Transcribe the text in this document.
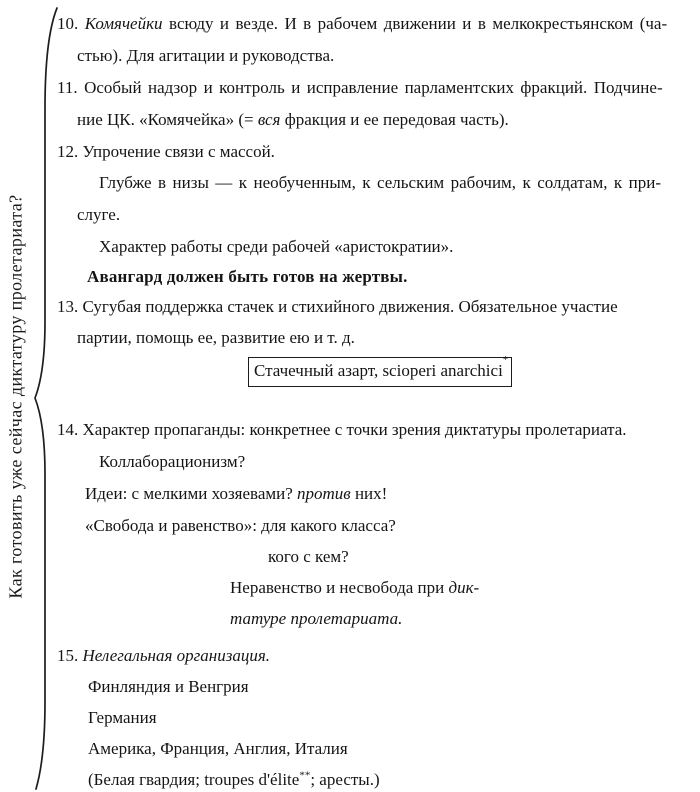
Как готовить уже сейчас диктатуру пролетариата?
10. Комячейки всюду и везде. И в рабочем движении и в мелкокрестьянском (ча-
стью). Для агитации и руководства.
11. Особый надзор и контроль и исправление парламентских фракций. Подчине-
ние ЦК. «Комячейка» (= вся фракция и ее передовая часть).
12. Упрочение связи с массой.
Глубже в низы — к необученным, к сельским рабочим, к солдатам, к при-
слуге.
Характер работы среди рабочей «аристократии».
Авангард должен быть готов на жертвы.
13. Сугубая поддержка стачек и стихийного движения. Обязательное участие
партии, помощь ее, развитие ею и т. д.
Стачечный азарт, scioperi anarchici*
14. Характер пропаганды: конкретнее с точки зрения диктатуры пролетариата.
Коллаборационизм?
Идеи: с мелкими хозяевами? против них!
«Свобода и равенство»: для какого класса?
кого с кем?
Неравенство и несвобода при дик-
татуре пролетариата.
15. Нелегальная организация.
Финляндия и Венгрия
Германия
Америка, Франция, Англия, Италия
(Белая гвардия; troupes d'élite**; аресты.)
